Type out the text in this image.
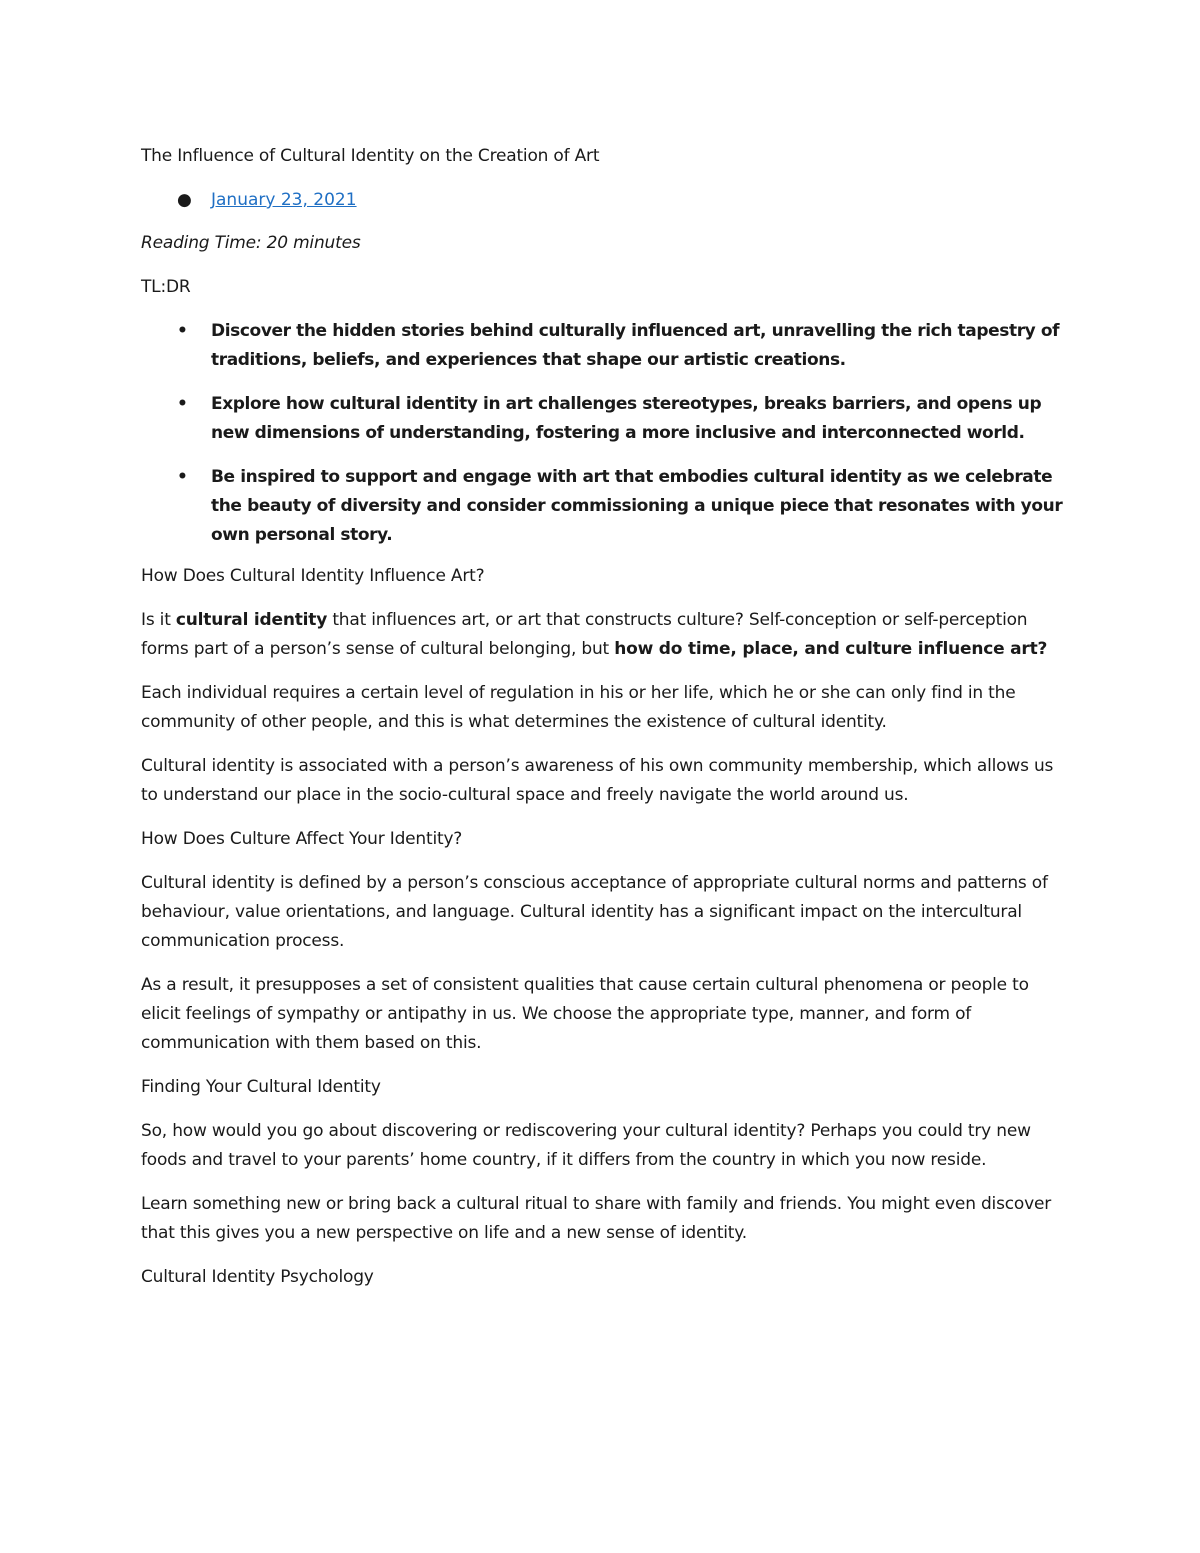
The Influence of Cultural Identity on the Creation of Art

● January 23, 2021

Reading Time: 20 minutes

TL:DR

• Discover the hidden stories behind culturally influenced art, unravelling the rich tapestry of traditions, beliefs, and experiences that shape our artistic creations.
• Explore how cultural identity in art challenges stereotypes, breaks barriers, and opens up new dimensions of understanding, fostering a more inclusive and interconnected world.
• Be inspired to support and engage with art that embodies cultural identity as we celebrate the beauty of diversity and consider commissioning a unique piece that resonates with your own personal story.

How Does Cultural Identity Influence Art?

Is it cultural identity that influences art, or art that constructs culture? Self-conception or self-perception forms part of a person’s sense of cultural belonging, but how do time, place, and culture influence art?

Each individual requires a certain level of regulation in his or her life, which he or she can only find in the community of other people, and this is what determines the existence of cultural identity.

Cultural identity is associated with a person’s awareness of his own community membership, which allows us to understand our place in the socio-cultural space and freely navigate the world around us.

How Does Culture Affect Your Identity?

Cultural identity is defined by a person’s conscious acceptance of appropriate cultural norms and patterns of behaviour, value orientations, and language. Cultural identity has a significant impact on the intercultural communication process.

As a result, it presupposes a set of consistent qualities that cause certain cultural phenomena or people to elicit feelings of sympathy or antipathy in us. We choose the appropriate type, manner, and form of communication with them based on this.

Finding Your Cultural Identity

So, how would you go about discovering or rediscovering your cultural identity? Perhaps you could try new foods and travel to your parents’ home country, if it differs from the country in which you now reside.

Learn something new or bring back a cultural ritual to share with family and friends. You might even discover that this gives you a new perspective on life and a new sense of identity.

Cultural Identity Psychology
